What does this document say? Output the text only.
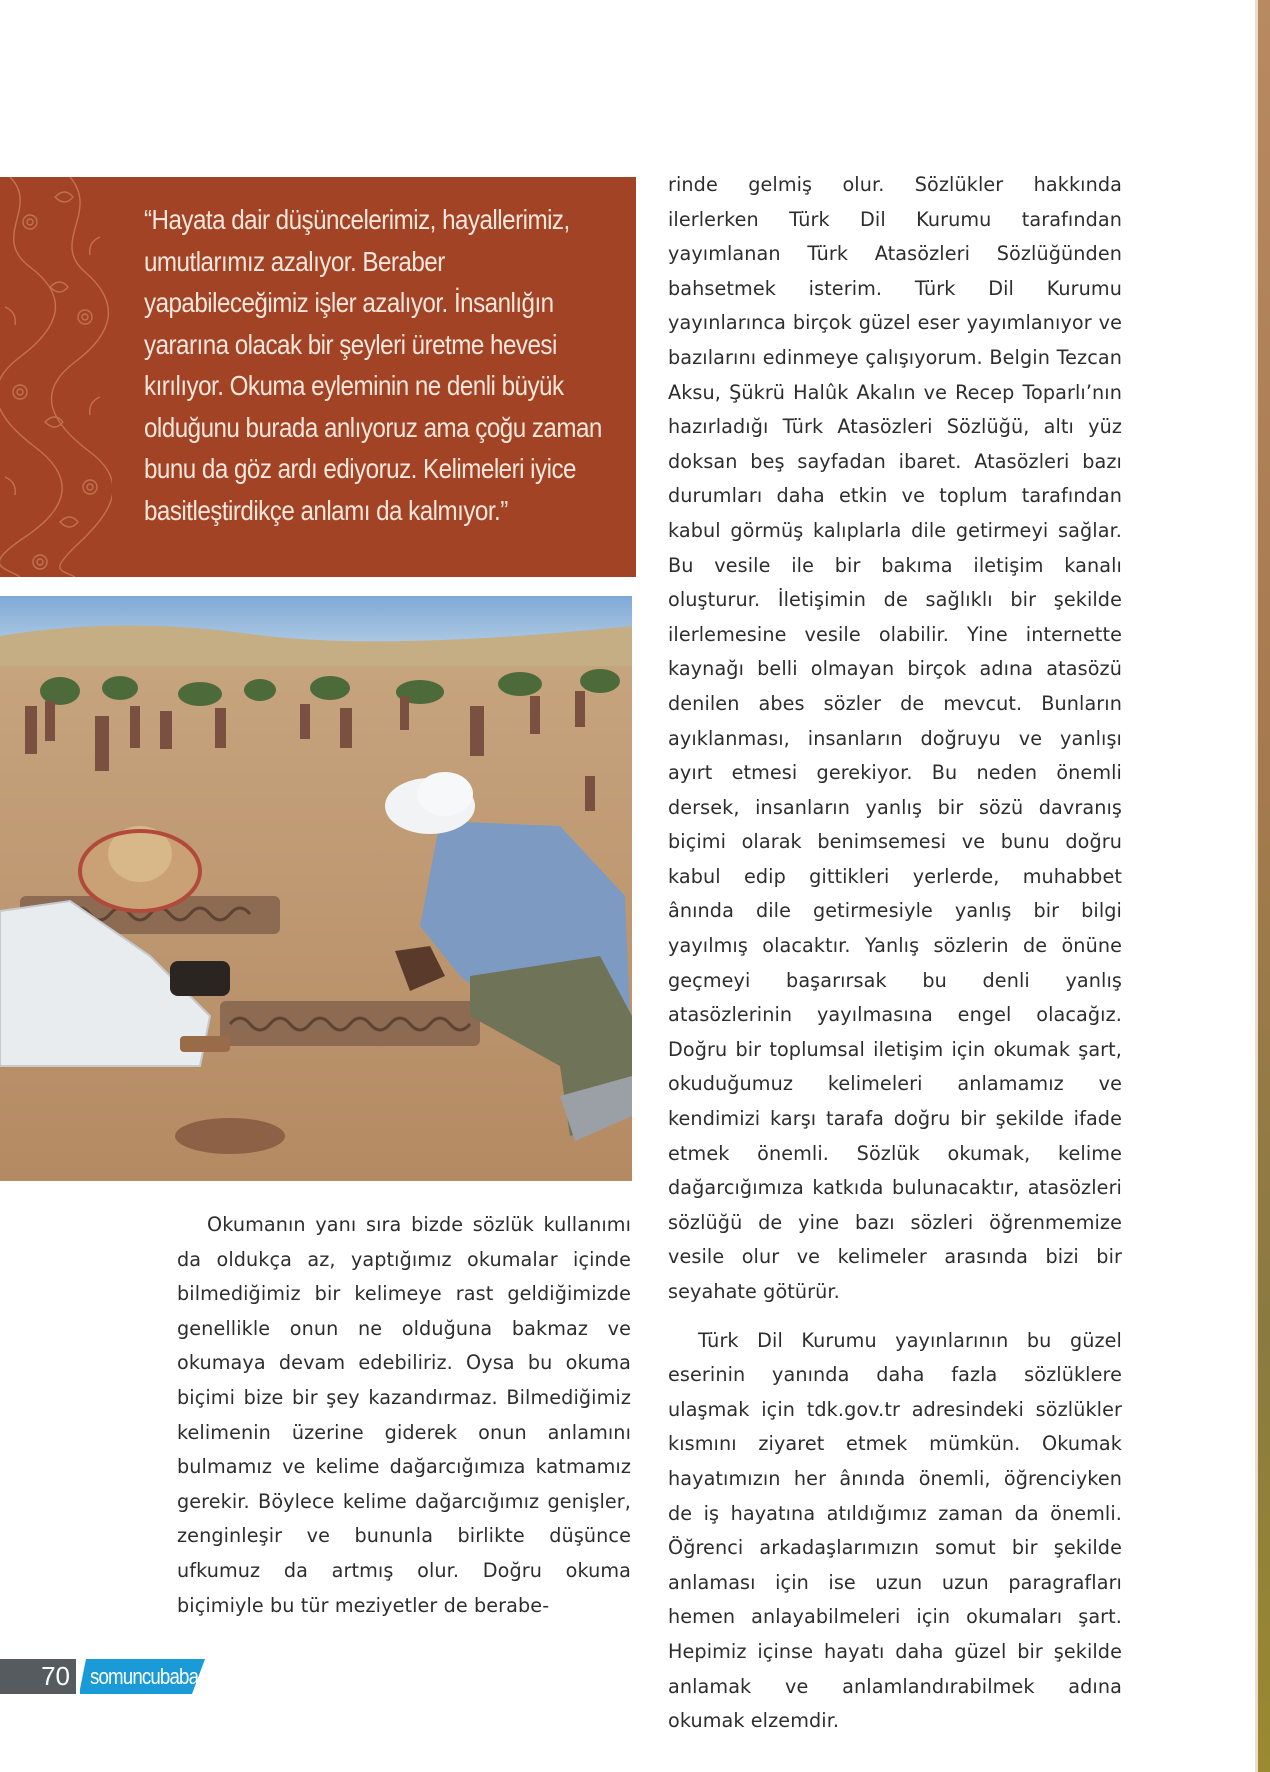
“Hayata dair düşüncelerimiz, hayallerimiz,
umutlarımız azalıyor. Beraber
yapabileceğimiz işler azalıyor. İnsanlığın
yararına olacak bir şeyleri üretme hevesi
kırılıyor. Okuma eyleminin ne denli büyük
olduğunu burada anlıyoruz ama çoğu zaman
bunu da göz ardı ediyoruz. Kelimeleri iyice
basitleştirdikçe anlamı da kalmıyor.”

Okumanın yanı sıra bizde sözlük kullanımı da oldukça az, yaptığımız okumalar içinde bilmediğimiz bir kelimeye rast geldiğimizde genellikle onun ne olduğuna bakmaz ve okumaya devam edebiliriz. Oysa bu okuma biçimi bize bir şey kazandırmaz. Bilmediğimiz kelimenin üzerine giderek onun anlamını bulmamız ve kelime dağarcığımıza katmamız gerekir. Böylece kelime dağarcığımız genişler, zenginleşir ve bununla birlikte düşünce ufkumuz da artmış olur. Doğru okuma biçimiyle bu tür meziyetler de berabe-

rinde gelmiş olur. Sözlükler hakkında ilerlerken Türk Dil Kurumu tarafından yayımlanan Türk Atasözleri Sözlüğünden bahsetmek isterim. Türk Dil Kurumu yayınlarınca birçok güzel eser yayımlanıyor ve bazılarını edinmeye çalışıyorum. Belgin Tezcan Aksu, Şükrü Halûk Akalın ve Recep Toparlı’nın hazırladığı Türk Atasözleri Sözlüğü, altı yüz doksan beş sayfadan ibaret. Atasözleri bazı durumları daha etkin ve toplum tarafından kabul görmüş kalıplarla dile getirmeyi sağlar. Bu vesile ile bir bakıma iletişim kanalı oluşturur. İletişimin de sağlıklı bir şekilde ilerlemesine vesile olabilir. Yine internette kaynağı belli olmayan birçok adına atasözü denilen abes sözler de mevcut. Bunların ayıklanması, insanların doğruyu ve yanlışı ayırt etmesi gerekiyor. Bu neden önemli dersek, insanların yanlış bir sözü davranış biçimi olarak benimsemesi ve bunu doğru kabul edip gittikleri yerlerde, muhabbet ânında dile getirmesiyle yanlış bir bilgi yayılmış olacaktır. Yanlış sözlerin de önüne geçmeyi başarırsak bu denli yanlış atasözlerinin yayılmasına engel olacağız. Doğru bir toplumsal iletişim için okumak şart, okuduğumuz kelimeleri anlamamız ve kendimizi karşı tarafa doğru bir şekilde ifade etmek önemli. Sözlük okumak, kelime dağarcığımıza katkıda bulunacaktır, atasözleri sözlüğü de yine bazı sözleri öğrenmemize vesile olur ve kelimeler arasında bizi bir seyahate götürür.

Türk Dil Kurumu yayınlarının bu güzel eserinin yanında daha fazla sözlüklere ulaşmak için tdk.gov.tr adresindeki sözlükler kısmını ziyaret etmek mümkün. Okumak hayatımızın her ânında önemli, öğrenciyken de iş hayatına atıldığımız zaman da önemli. Öğrenci arkadaşlarımızın somut bir şekilde anlaması için ise uzun uzun paragrafları hemen anlayabilmeleri için okumaları şart. Hepimiz içinse hayatı daha güzel bir şekilde anlamak ve anlamlandırabilmek adına okumak elzemdir.

70 somuncubaba
